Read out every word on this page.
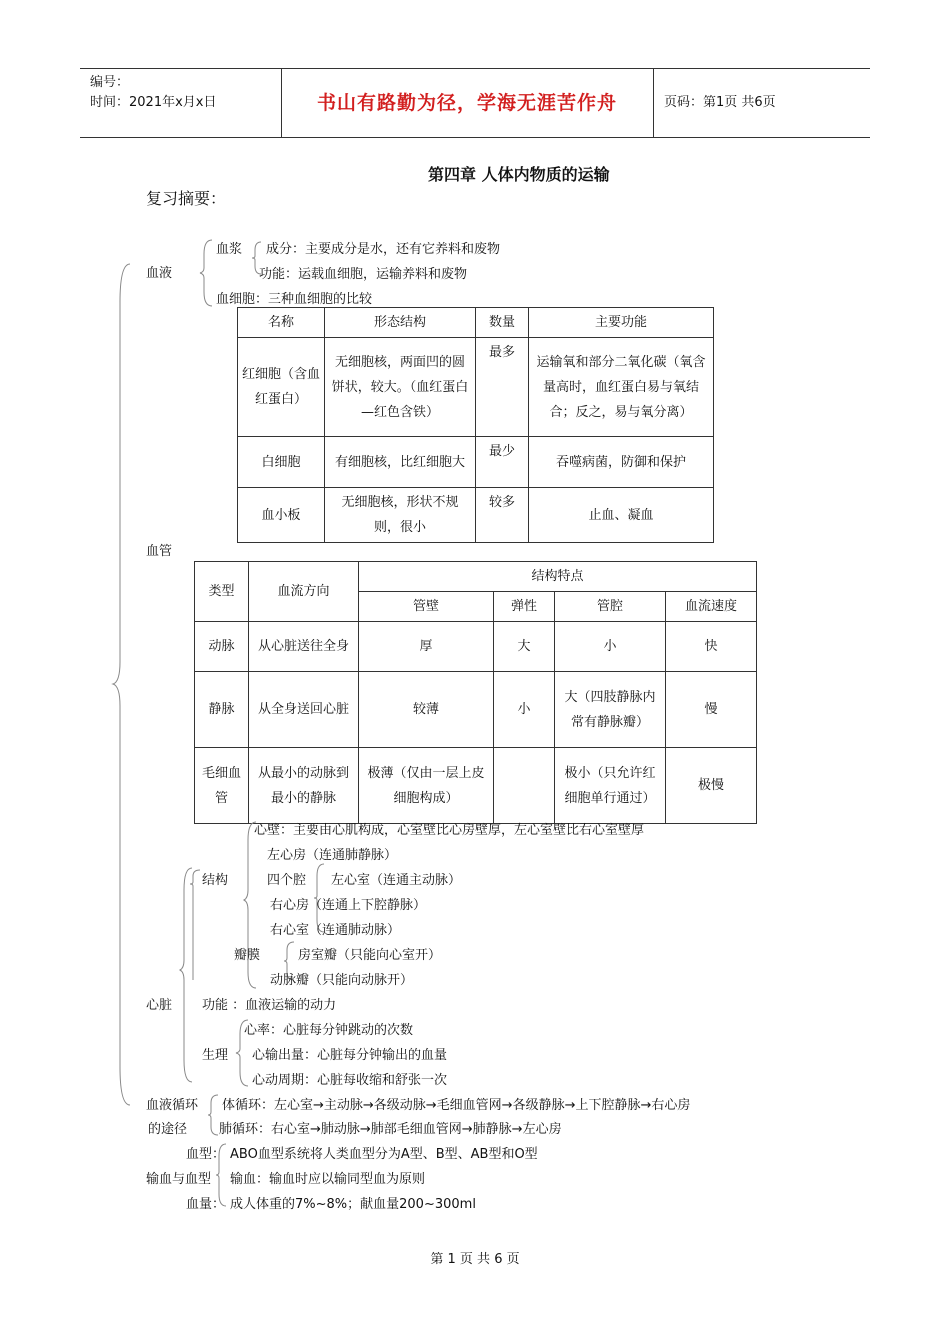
编号：
时间：2021年x月x日	书山有路勤为径，学海无涯苦作舟	页码：第1页 共6页
第四章 人体内物质的运输
复习摘要：
血液
血浆 成分：主要成分是水，还有它养料和废物
功能：运载血细胞，运输养料和废物
血细胞：三种血细胞的比较
名称	形态结构	数量	主要功能
红细胞（含血红蛋白）	无细胞核，两面凹的圆饼状，较大。（血红蛋白—红色含铁）	最多	运输氧和部分二氧化碳（氧含量高时，血红蛋白易与氧结合；反之，易与氧分离）
白细胞	有细胞核，比红细胞大	最少	吞噬病菌，防御和保护
血小板	无细胞核，形状不规则，很小	较多	止血、凝血
血管
类型	血流方向	结构特点			
		管壁	弹性	管腔	血流速度
动脉	从心脏送往全身	厚	大	小	快
静脉	从全身送回心脏	较薄	小	大（四肢静脉内常有静脉瓣）	慢
毛细血管	从最小的动脉到最小的静脉	极薄（仅由一层上皮细胞构成）		极小（只允许红细胞单行通过）	极慢
心壁：主要由心肌构成，心室壁比心房壁厚，左心室壁比右心室壁厚
左心房（连通肺静脉）
结构	四个腔 左心室（连通主动脉）
右心房（连通上下腔静脉）
右心室（连通肺动脉）
瓣膜	房室瓣（只能向心室开）
动脉瓣（只能向动脉开）
心脏 功能 ：血液运输的动力
心率：心脏每分钟跳动的次数
生理 心输出量：心脏每分钟输出的血量
心动周期：心脏每收缩和舒张一次
血液循环
的途径
体循环：左心室→主动脉→各级动脉→毛细血管网→各级静脉→上下腔静脉→右心房
肺循环：右心室→肺动脉→肺部毛细血管网→肺静脉→左心房
血型： ABO血型系统将人类血型分为A型、B型、AB型和O型
输血与血型 输血：输血时应以输同型血为原则
血量： 成人体重的7%~8%；献血量200~300ml
第 1 页 共 6 页
